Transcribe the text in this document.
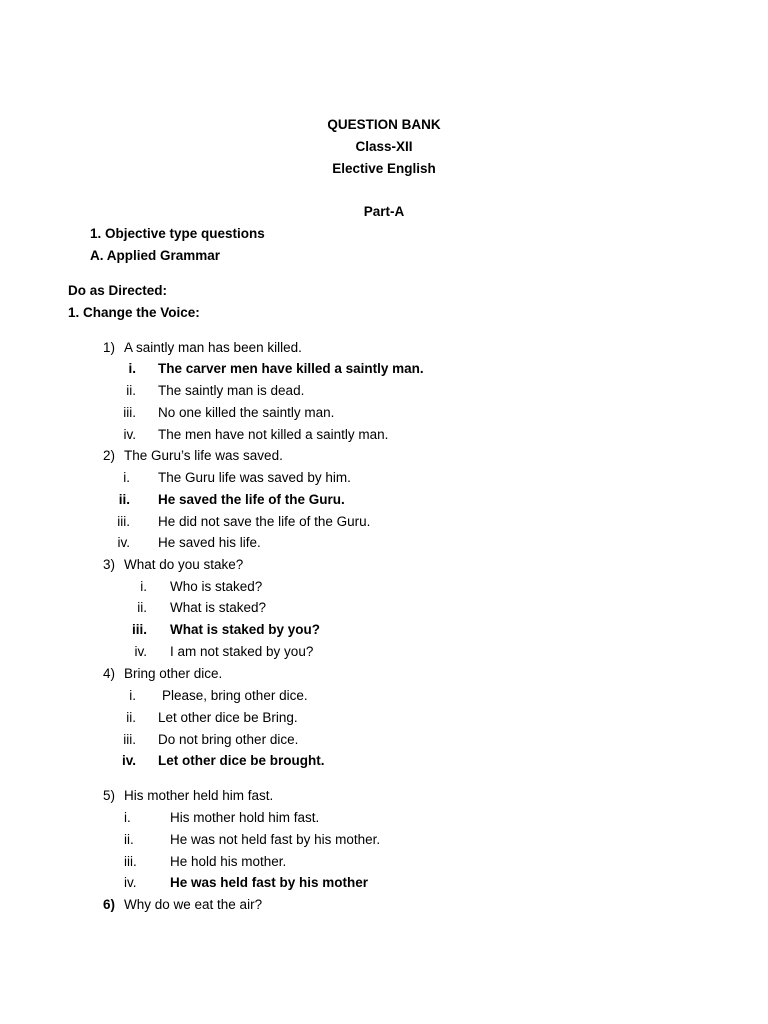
QUESTION BANK
Class-XII
Elective English
Part-A
1. Objective type questions
A. Applied Grammar
Do as Directed:
1. Change the Voice:
1) A saintly man has been killed.
i. The carver men have killed a saintly man.
ii. The saintly man is dead.
iii. No one killed the saintly man.
iv. The men have not killed a saintly man.
2) The Guru’s life was saved.
i. The Guru life was saved by him.
ii. He saved the life of the Guru.
iii. He did not save the life of the Guru.
iv. He saved his life.
3) What do you stake?
i. Who is staked?
ii. What is staked?
iii. What is staked by you?
iv. I am not staked by you?
4) Bring other dice.
i. Please, bring other dice.
ii. Let other dice be Bring.
iii. Do not bring other dice.
iv. Let other dice be brought.
5) His mother held him fast.
i.	His mother hold him fast.
ii.	He was not held fast by his mother.
iii. He hold his mother.
iv. He was held fast by his mother
6) Why do we eat the air?
